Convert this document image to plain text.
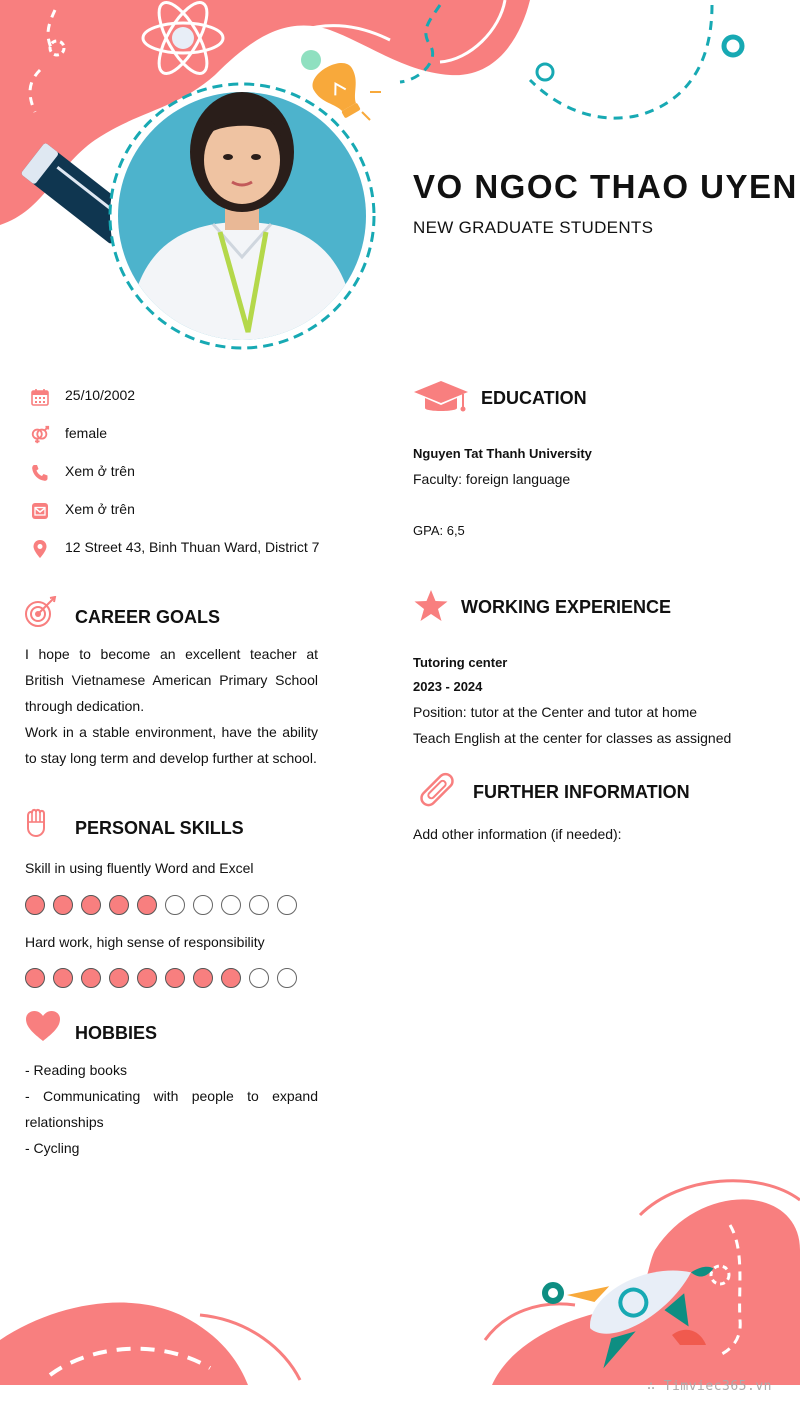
VO NGOC THAO UYEN
NEW GRADUATE STUDENTS
25/10/2002
female
Xem ở trên
Xem ở trên
12 Street 43, Binh Thuan Ward, District 7
CAREER GOALS
I hope to become an excellent teacher at British Vietnamese American Primary School through dedication.
Work in a stable environment, have the ability to stay long term and develop further at school.
PERSONAL SKILLS
Skill in using fluently Word and Excel
Hard work, high sense of responsibility
HOBBIES
- Reading books
- Communicating with people to expand relationships
- Cycling
EDUCATION
Nguyen Tat Thanh University
Faculty: foreign language
GPA: 6,5
WORKING EXPERIENCE
Tutoring center
2023 - 2024
Position: tutor at the Center and tutor at home
Teach English at the center for classes as assigned
FURTHER INFORMATION
Add other information (if needed):
∴ Timviec365.vn
